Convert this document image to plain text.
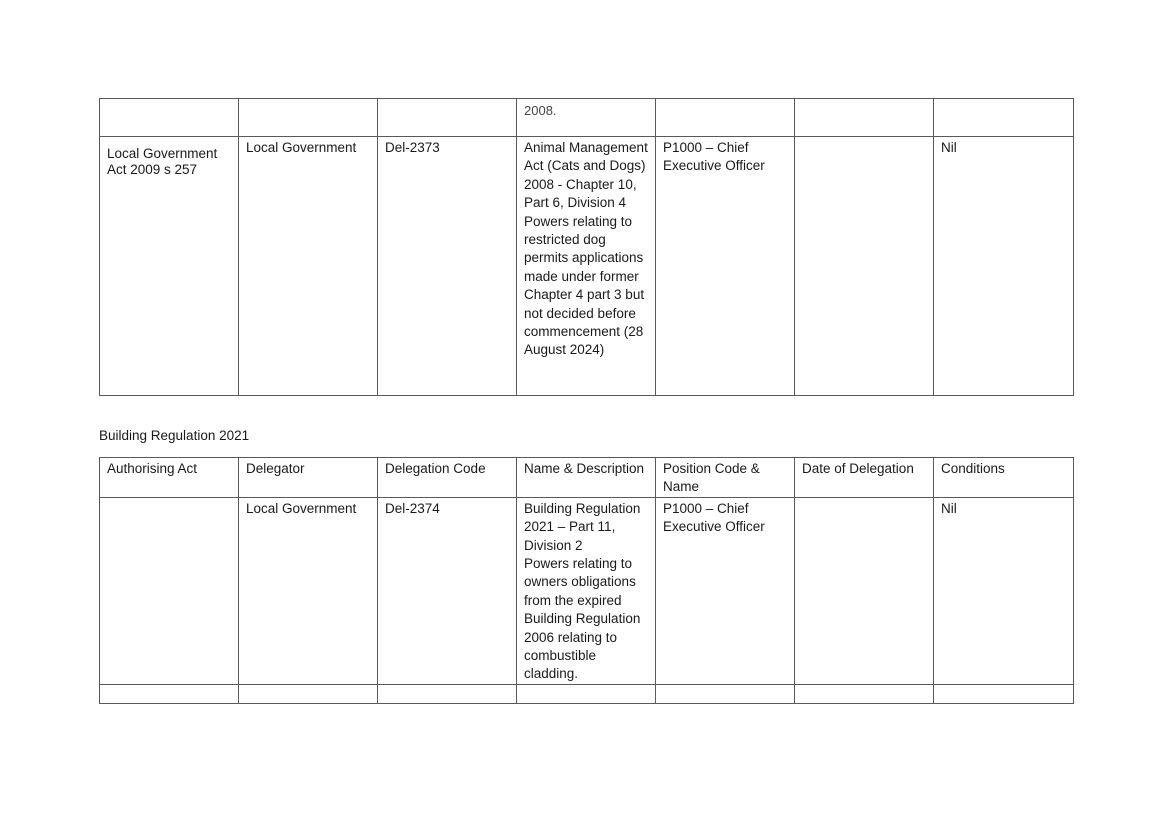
			2008.			

Local Government Act 2009 s 257	Local Government	Del-2373	Animal Management Act (Cats and Dogs) 2008 - Chapter 10, Part 6, Division 4
Powers relating to restricted dog permits applications made under former Chapter 4 part 3 but not decided before commencement (28 August 2024)	P1000 – Chief Executive Officer		Nil

Building Regulation 2021

Authorising Act	Delegator	Delegation Code	Name & Description	Position Code & Name	Date of Delegation	Conditions
	Local Government	Del-2374	Building Regulation 2021 – Part 11, Division 2
Powers relating to owners obligations from the expired Building Regulation 2006 relating to combustible cladding.	P1000 – Chief Executive Officer		Nil
